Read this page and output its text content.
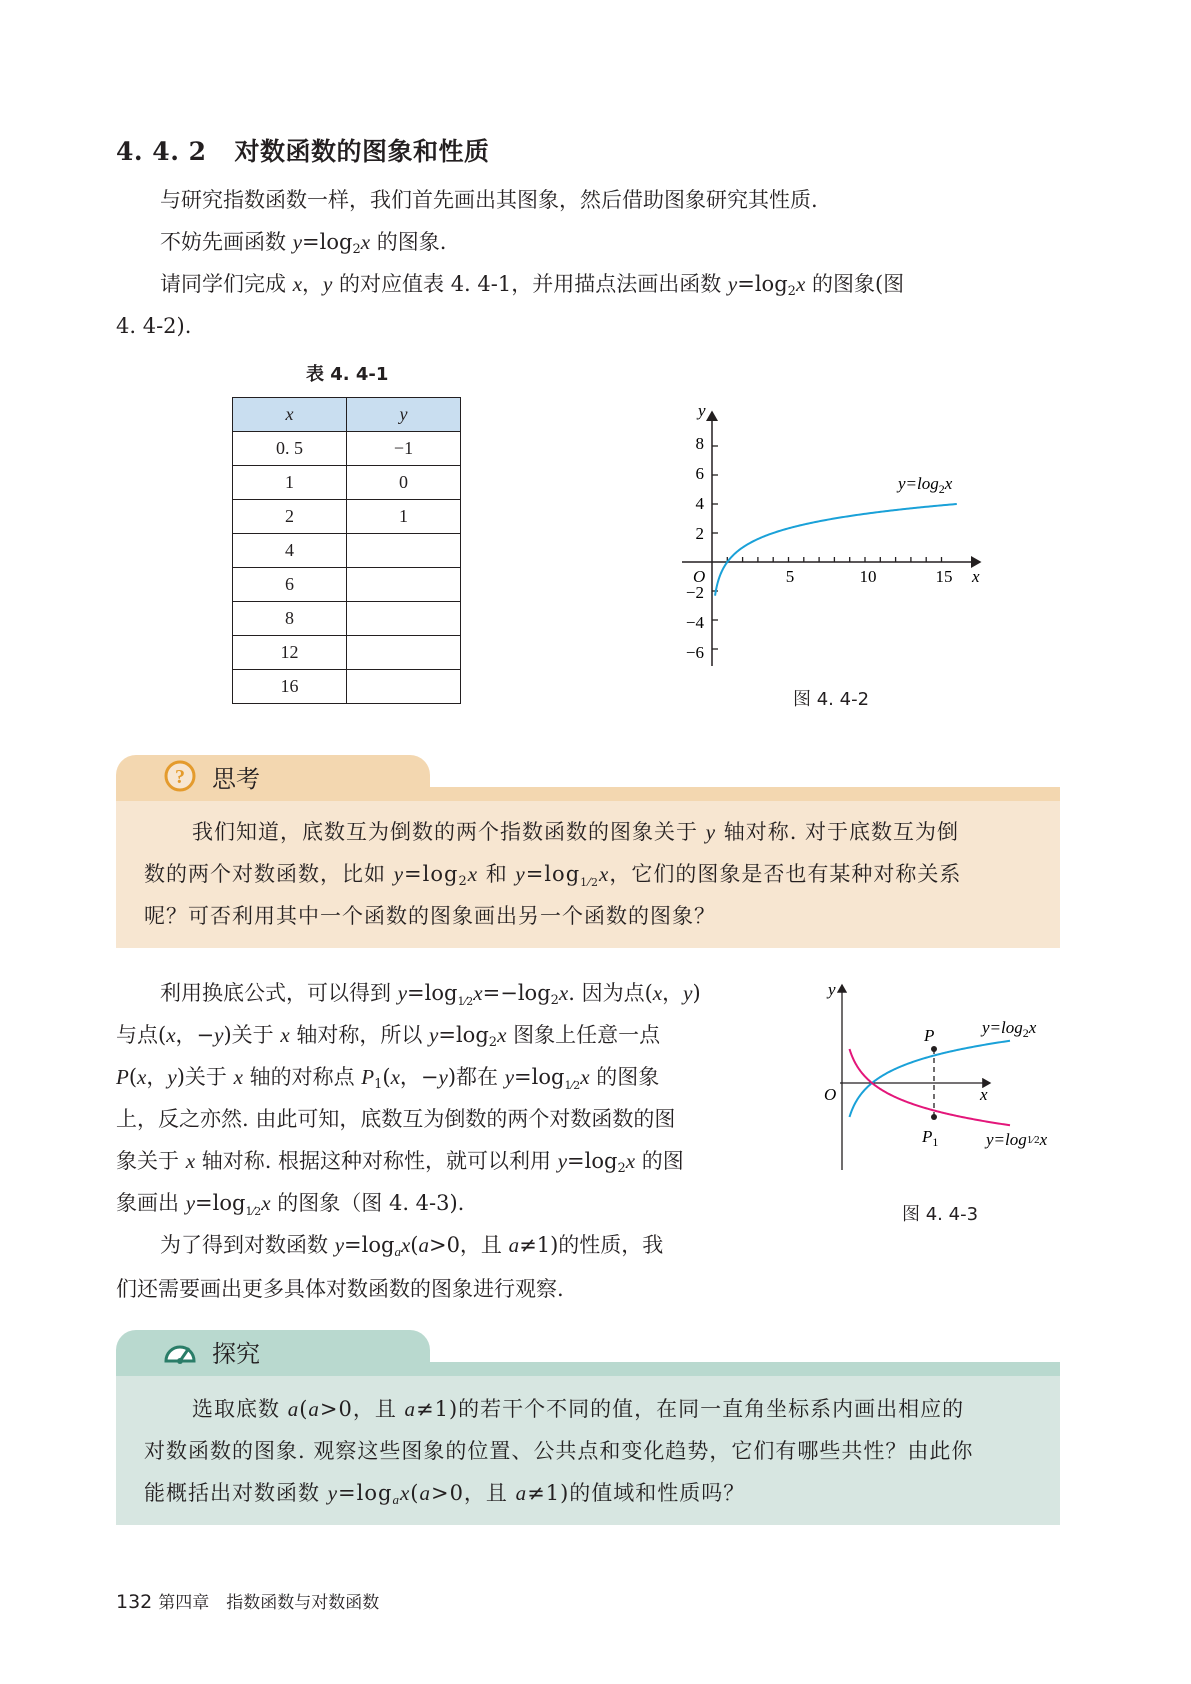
4. 4. 2 对数函数的图象和性质
与研究指数函数一样，我们首先画出其图象，然后借助图象研究其性质.
不妨先画函数 $y=\log_2x$ 的图象.
请同学们完成 x，y 的对应值表 4. 4-1，并用描点法画出函数 $y=\log_2x$ 的图象(图
4. 4-2).
表 4. 4-1
x	y
0. 5	−1
1	0
2	1
4	
6	
8	
12	
16	
5	10	15
8
6
4
2
−2
−4
−6
O	x
y
$y=\log_2x$
图 4. 4-2
? 思考
我们知道，底数互为倒数的两个指数函数的图象关于 y 轴对称. 对于底数互为倒
数的两个对数函数，比如 $y=\log_2x$ 和 y=log1⁄2x，它们的图象是否也有某种对称关系
呢？可否利用其中一个函数的图象画出另一个函数的图象？
利用换底公式，可以得到 $y=\log 1⁄2x=-\log_2x$. 因为点(x，y)
与点(x，−y)关于 x 轴对称，所以 $y=\log_2x$ 图象上任意一点
P(x，y)关于 x 轴的对称点 $P_1(x$，−y)都在 y=log1⁄2x 的图象
上，反之亦然. 由此可知，底数互为倒数的两个对数函数的图
象关于 x 轴对称. 根据这种对称性，就可以利用 $y=\log_2x$ 的图
象画出 y=log1⁄2x 的图象（图 4. 4-3).
为了得到对数函数 $y=\log_ax(a>0$，且 a≠1)的性质，我
们还需要画出更多具体对数函数的图象进行观察.
P
$P_1$
O	x
y
$y=\log_2x$
y=log1⁄2x
图 4. 4-3
探究
选取底数 a(a>0，且 a≠1)的若干个不同的值，在同一直角坐标系内画出相应的
对数函数的图象. 观察这些图象的位置、公共点和变化趋势，它们有哪些共性？由此你
能概括出对数函数 $y=\log_ax(a>0$，且 a≠1)的值域和性质吗？
132 第四章　指数函数与对数函数
